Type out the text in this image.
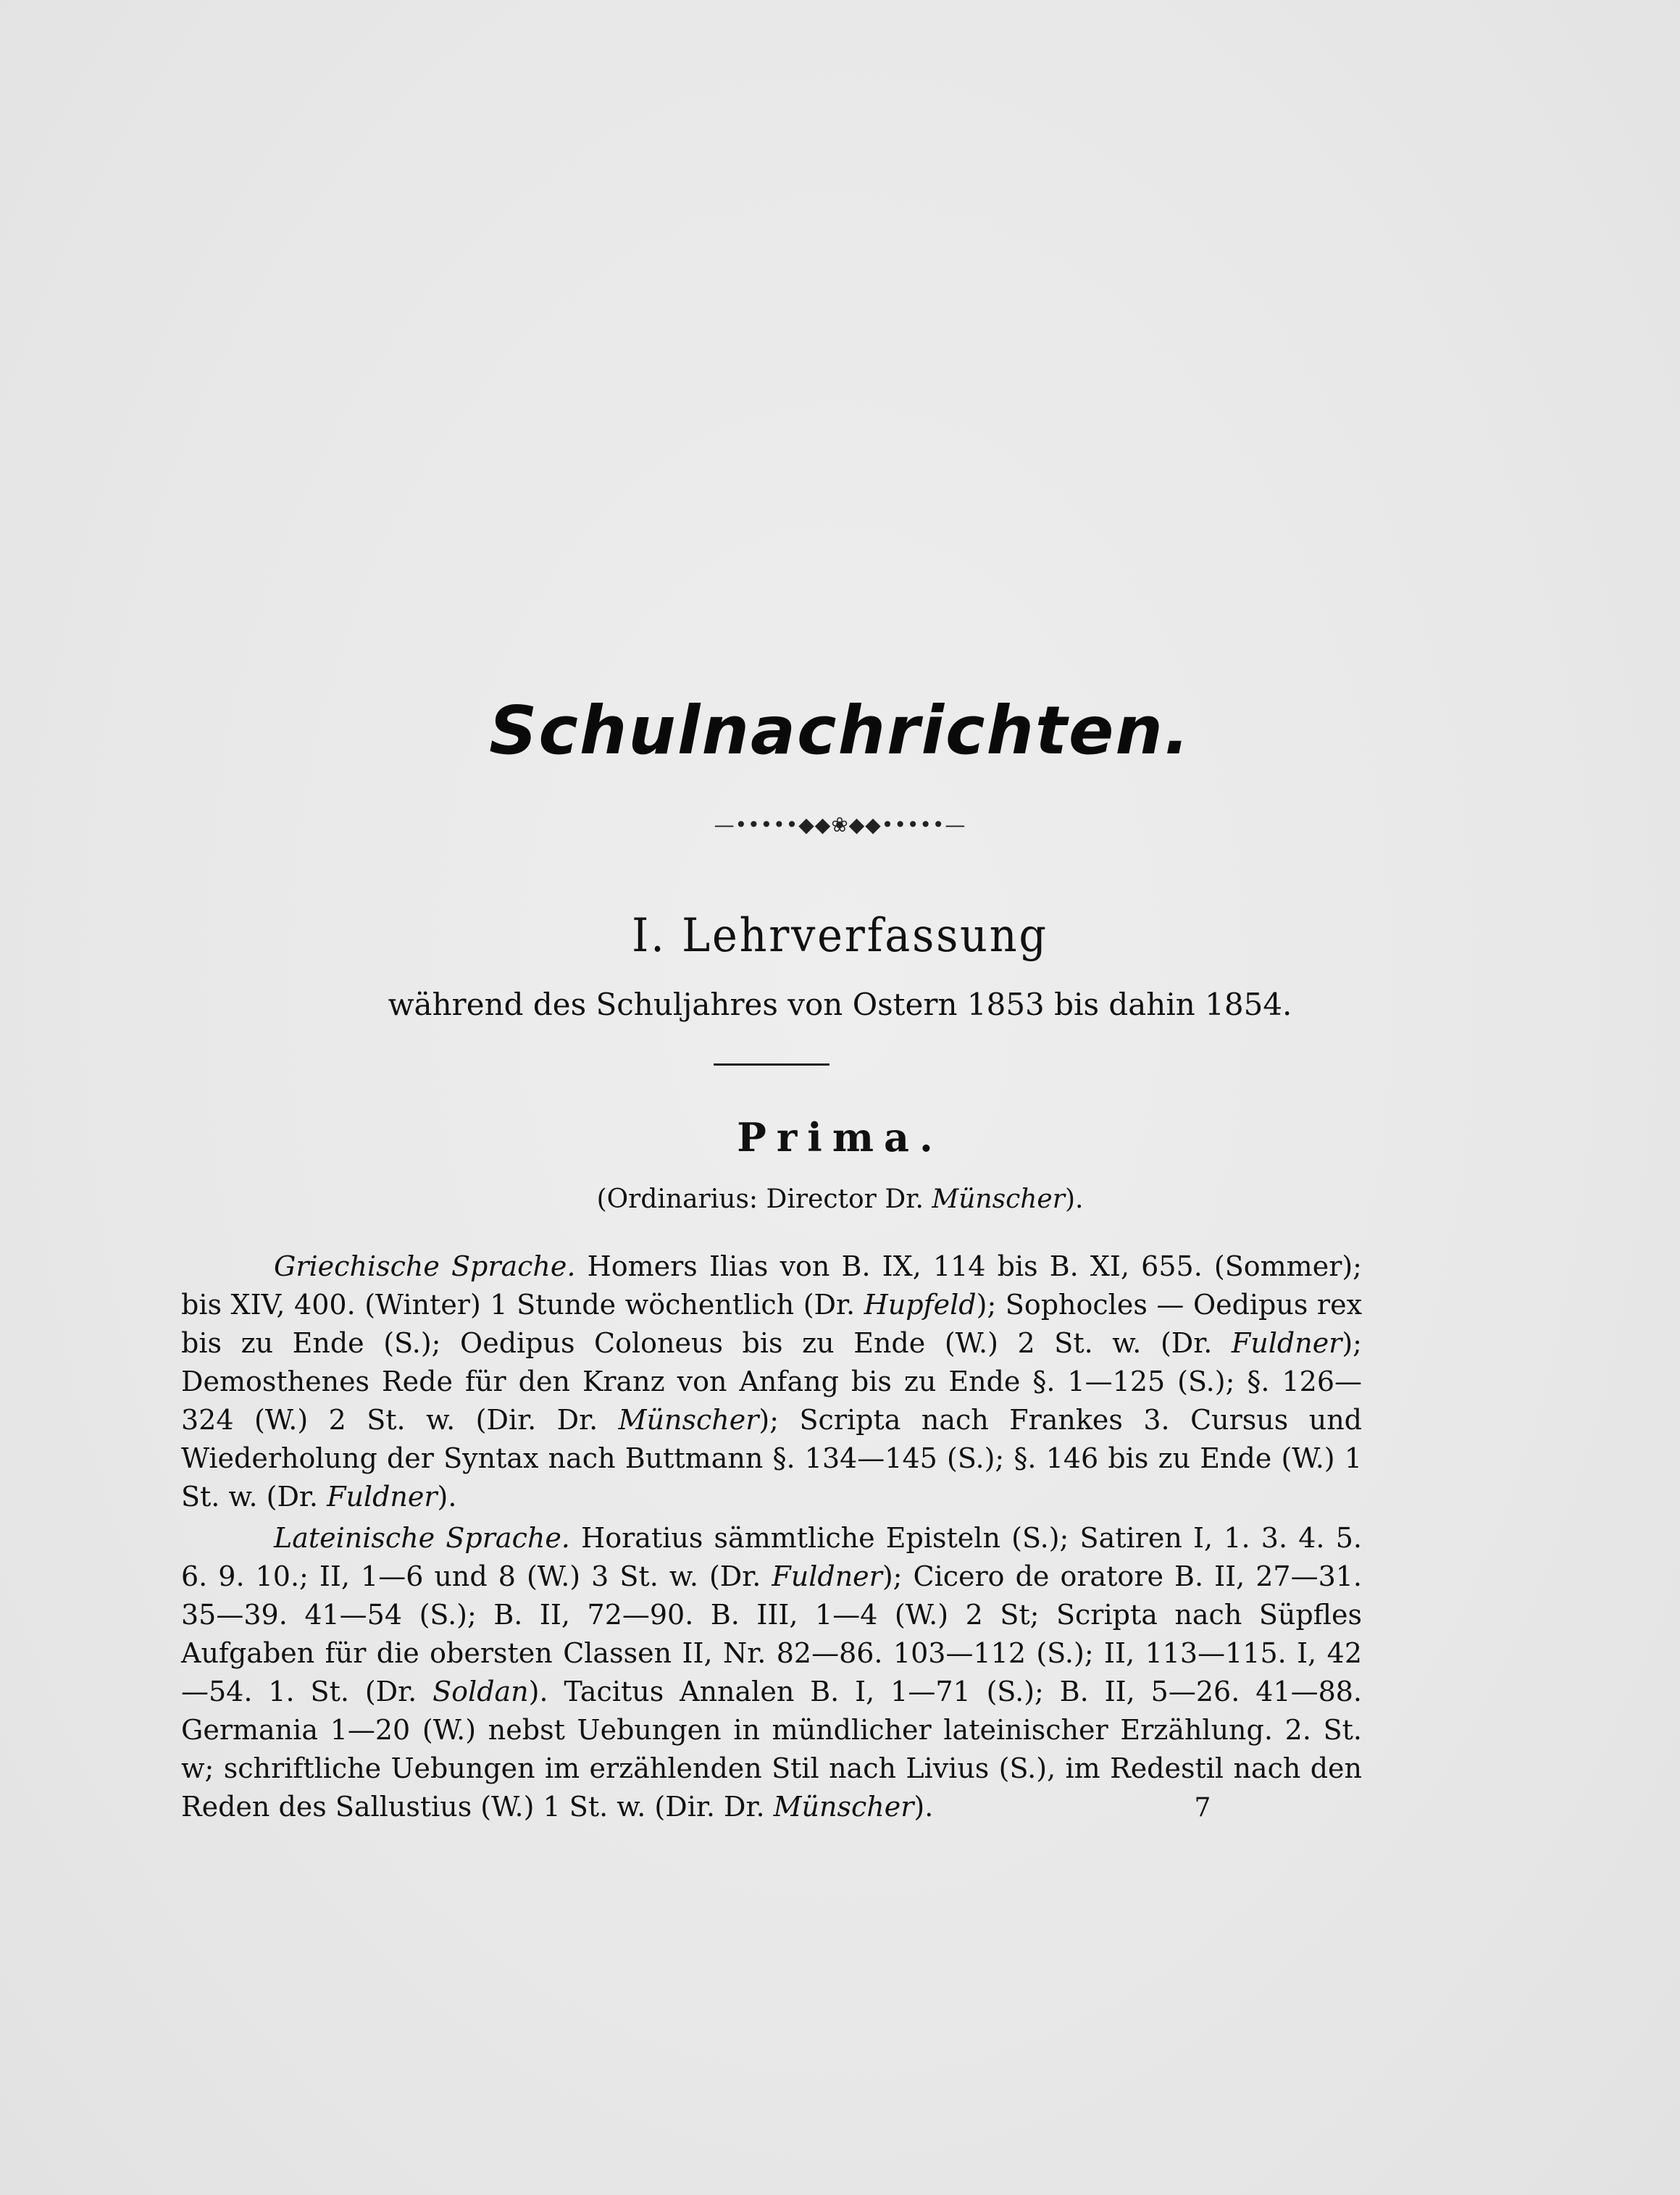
Schulnachrichten.
—•••••◆◆❀◆◆•••••—
I. Lehrverfassung
während des Schuljahres von Ostern 1853 bis dahin 1854.
Prima.
(Ordinarius: Director Dr. Münscher).

Griechische Sprache. Homers Ilias von B. IX, 114 bis B. XI, 655. (Sommer); bis XIV, 400. (Winter) 1 Stunde wöchentlich (Dr. Hupfeld); Sophocles — Oedipus rex bis zu Ende (S.); Oedipus Coloneus bis zu Ende (W.) 2 St. w. (Dr. Fuldner); Demosthenes Rede für den Kranz von Anfang bis zu Ende §. 1—125 (S.); §. 126—324 (W.) 2 St. w. (Dir. Dr. Münscher); Scripta nach Frankes 3. Cursus und Wiederholung der Syntax nach Buttmann §. 134—145 (S.); §. 146 bis zu Ende (W.) 1 St. w. (Dr. Fuldner).

Lateinische Sprache. Horatius sämmtliche Episteln (S.); Satiren I, 1. 3. 4. 5. 6. 9. 10.; II, 1—6 und 8 (W.) 3 St. w. (Dr. Fuldner); Cicero de oratore B. II, 27—31. 35—39. 41—54 (S.); B. II, 72—90. B. III, 1—4 (W.) 2 St; Scripta nach Süpfles Aufgaben für die obersten Classen II, Nr. 82—86. 103—112 (S.); II, 113—115. I, 42—54. 1. St. (Dr. Soldan). Tacitus Annalen B. I, 1—71 (S.); B. II, 5—26. 41—88. Germania 1—20 (W.) nebst Uebungen in mündlicher lateinischer Erzählung. 2. St. w; schriftliche Uebungen im erzählenden Stil nach Livius (S.), im Redestil nach den Reden des Sallustius (W.) 1 St. w. (Dir. Dr. Münscher).	7
